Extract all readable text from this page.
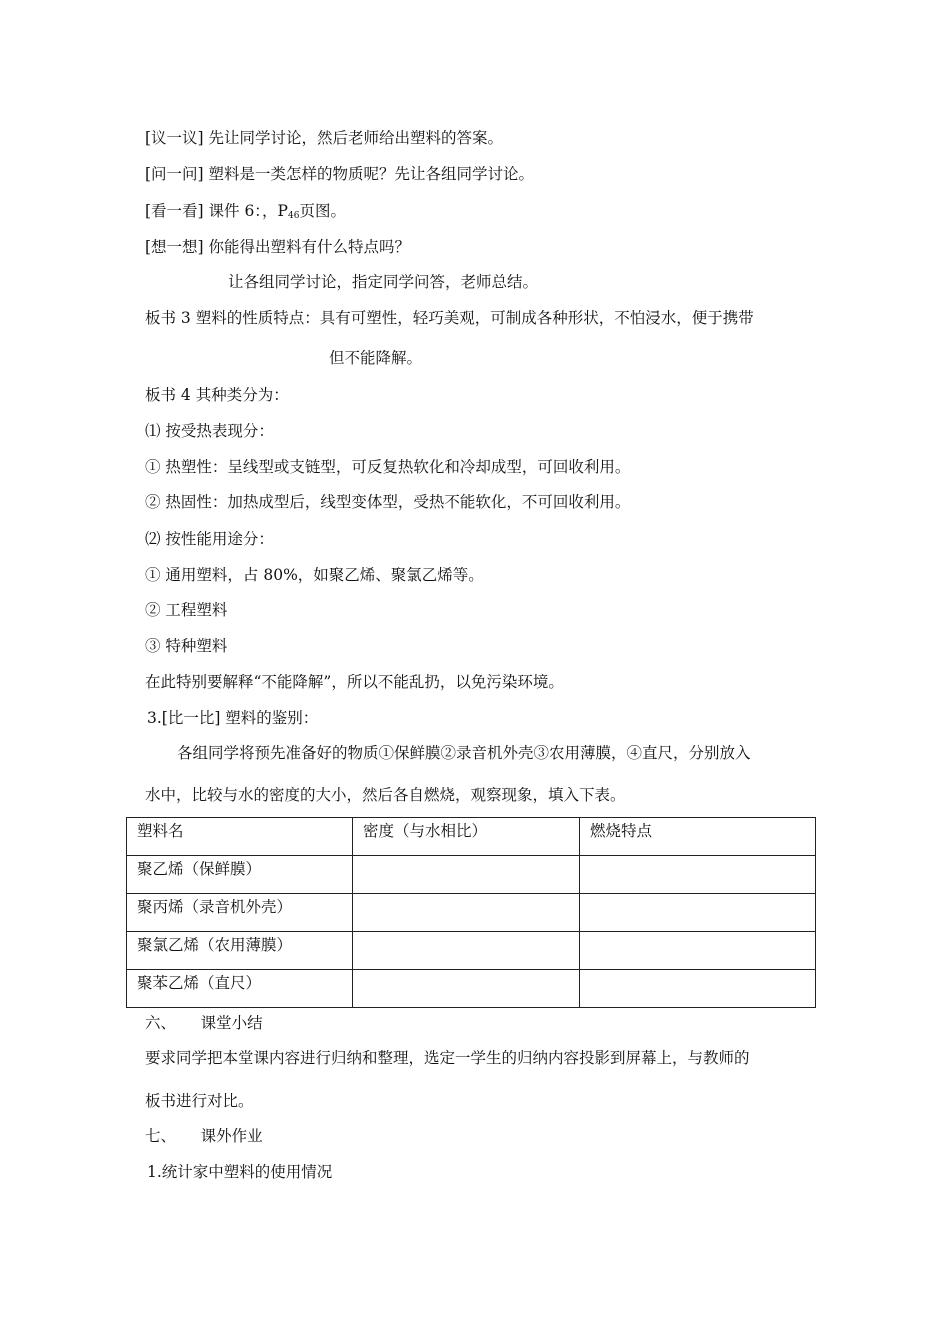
[议一议] 先让同学讨论，然后老师给出塑料的答案。
[问一问] 塑料是一类怎样的物质呢？先让各组同学讨论。
[看一看] 课件 6：，$P_{46}$页图。
[想一想] 你能得出塑料有什么特点吗？
让各组同学讨论，指定同学问答，老师总结。
板书 3 塑料的性质特点：具有可塑性，轻巧美观，可制成各种形状，不怕浸水，便于携带
但不能降解。
板书 4 其种类分为：
⑴ 按受热表现分：
① 热塑性：呈线型或支链型，可反复热软化和冷却成型，可回收利用。
② 热固性：加热成型后，线型变体型，受热不能软化，不可回收利用。
⑵ 按性能用途分：
① 通用塑料，占 80%，如聚乙烯、聚氯乙烯等。
② 工程塑料
③ 特种塑料
在此特别要解释“不能降解”，所以不能乱扔，以免污染环境。
3.[比一比] 塑料的鉴别：
各组同学将预先准备好的物质①保鲜膜②录音机外壳③农用薄膜，④直尺，分别放入
水中，比较与水的密度的大小，然后各自燃烧，观察现象，填入下表。
塑料名	密度（与水相比）	燃烧特点

聚乙烯（保鲜膜）		

聚丙烯（录音机外壳）		

聚氯乙烯（农用薄膜）		

聚苯乙烯（直尺）		

六、     课堂小结
要求同学把本堂课内容进行归纳和整理，选定一学生的归纳内容投影到屏幕上，与教师的
板书进行对比。
七、     课外作业
1.统计家中塑料的使用情况
